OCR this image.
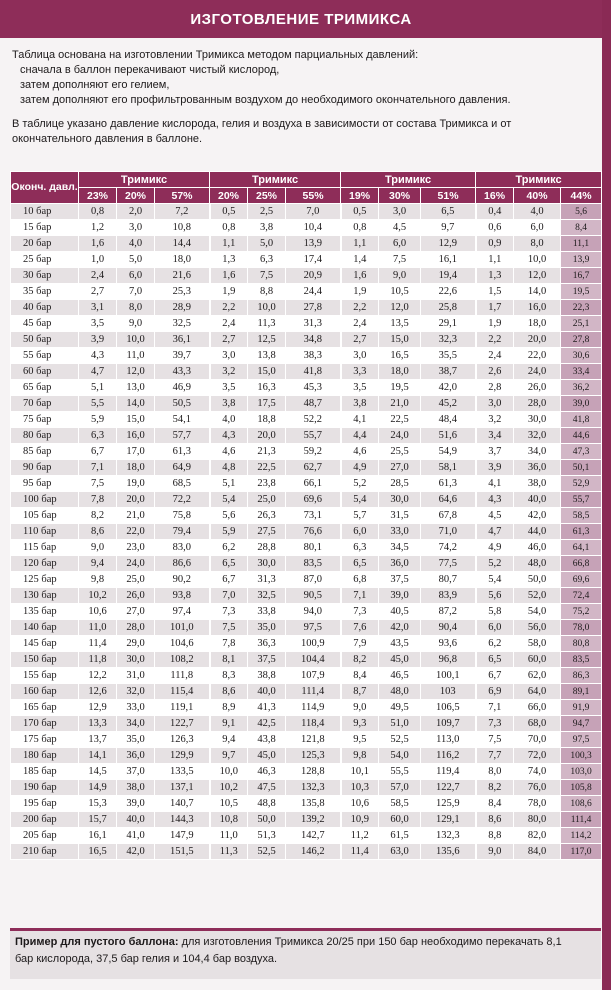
ИЗГОТОВЛЕНИЕ ТРИМИКСА
Таблица основана на изготовлении Тримикса методом парциальных давлений:
сначала в баллон перекачивают чистый кислород,
затем дополняют его гелием,
затем дополняют его профильтрованным воздухом до необходимого окончательного давления.
В таблице указано давление кислорода, гелия и воздуха в зависимости от состава Тримикса и от
окончательного давления в баллоне.
Оконч. давл.	Тримикс			Тримикс			Тримикс			Тримикс		
	23%	20%	57%	20%	25%	55%	19%	30%	51%	16%	40%	44%
10 бар	0,8	2,0	7,2	0,5	2,5	7,0	0,5	3,0	6,5	0,4	4,0	5,6
15 бар	1,2	3,0	10,8	0,8	3,8	10,4	0,8	4,5	9,7	0,6	6,0	8,4
20 бар	1,6	4,0	14,4	1,1	5,0	13,9	1,1	6,0	12,9	0,9	8,0	11,1
25 бар	1,0	5,0	18,0	1,3	6,3	17,4	1,4	7,5	16,1	1,1	10,0	13,9
30 бар	2,4	6,0	21,6	1,6	7,5	20,9	1,6	9,0	19,4	1,3	12,0	16,7
35 бар	2,7	7,0	25,3	1,9	8,8	24,4	1,9	10,5	22,6	1,5	14,0	19,5
40 бар	3,1	8,0	28,9	2,2	10,0	27,8	2,2	12,0	25,8	1,7	16,0	22,3
45 бар	3,5	9,0	32,5	2,4	11,3	31,3	2,4	13,5	29,1	1,9	18,0	25,1
50 бар	3,9	10,0	36,1	2,7	12,5	34,8	2,7	15,0	32,3	2,2	20,0	27,8
55 бар	4,3	11,0	39,7	3,0	13,8	38,3	3,0	16,5	35,5	2,4	22,0	30,6
60 бар	4,7	12,0	43,3	3,2	15,0	41,8	3,3	18,0	38,7	2,6	24,0	33,4
65 бар	5,1	13,0	46,9	3,5	16,3	45,3	3,5	19,5	42,0	2,8	26,0	36,2
70 бар	5,5	14,0	50,5	3,8	17,5	48,7	3,8	21,0	45,2	3,0	28,0	39,0
75 бар	5,9	15,0	54,1	4,0	18,8	52,2	4,1	22,5	48,4	3,2	30,0	41,8
80 бар	6,3	16,0	57,7	4,3	20,0	55,7	4,4	24,0	51,6	3,4	32,0	44,6
85 бар	6,7	17,0	61,3	4,6	21,3	59,2	4,6	25,5	54,9	3,7	34,0	47,3
90 бар	7,1	18,0	64,9	4,8	22,5	62,7	4,9	27,0	58,1	3,9	36,0	50,1
95 бар	7,5	19,0	68,5	5,1	23,8	66,1	5,2	28,5	61,3	4,1	38,0	52,9
100 бар	7,8	20,0	72,2	5,4	25,0	69,6	5,4	30,0	64,6	4,3	40,0	55,7
105 бар	8,2	21,0	75,8	5,6	26,3	73,1	5,7	31,5	67,8	4,5	42,0	58,5
110 бар	8,6	22,0	79,4	5,9	27,5	76,6	6,0	33,0	71,0	4,7	44,0	61,3
115 бар	9,0	23,0	83,0	6,2	28,8	80,1	6,3	34,5	74,2	4,9	46,0	64,1
120 бар	9,4	24,0	86,6	6,5	30,0	83,5	6,5	36,0	77,5	5,2	48,0	66,8
125 бар	9,8	25,0	90,2	6,7	31,3	87,0	6,8	37,5	80,7	5,4	50,0	69,6
130 бар	10,2	26,0	93,8	7,0	32,5	90,5	7,1	39,0	83,9	5,6	52,0	72,4
135 бар	10,6	27,0	97,4	7,3	33,8	94,0	7,3	40,5	87,2	5,8	54,0	75,2
140 бар	11,0	28,0	101,0	7,5	35,0	97,5	7,6	42,0	90,4	6,0	56,0	78,0
145 бар	11,4	29,0	104,6	7,8	36,3	100,9	7,9	43,5	93,6	6,2	58,0	80,8
150 бар	11,8	30,0	108,2	8,1	37,5	104,4	8,2	45,0	96,8	6,5	60,0	83,5
155 бар	12,2	31,0	111,8	8,3	38,8	107,9	8,4	46,5	100,1	6,7	62,0	86,3
160 бар	12,6	32,0	115,4	8,6	40,0	111,4	8,7	48,0	103	6,9	64,0	89,1
165 бар	12,9	33,0	119,1	8,9	41,3	114,9	9,0	49,5	106,5	7,1	66,0	91,9
170 бар	13,3	34,0	122,7	9,1	42,5	118,4	9,3	51,0	109,7	7,3	68,0	94,7
175 бар	13,7	35,0	126,3	9,4	43,8	121,8	9,5	52,5	113,0	7,5	70,0	97,5
180 бар	14,1	36,0	129,9	9,7	45,0	125,3	9,8	54,0	116,2	7,7	72,0	100,3
185 бар	14,5	37,0	133,5	10,0	46,3	128,8	10,1	55,5	119,4	8,0	74,0	103,0
190 бар	14,9	38,0	137,1	10,2	47,5	132,3	10,3	57,0	122,7	8,2	76,0	105,8
195 бар	15,3	39,0	140,7	10,5	48,8	135,8	10,6	58,5	125,9	8,4	78,0	108,6
200 бар	15,7	40,0	144,3	10,8	50,0	139,2	10,9	60,0	129,1	8,6	80,0	111,4
205 бар	16,1	41,0	147,9	11,0	51,3	142,7	11,2	61,5	132,3	8,8	82,0	114,2
210 бар	16,5	42,0	151,5	11,3	52,5	146,2	11,4	63,0	135,6	9,0	84,0	117,0
Пример для пустого баллона: для изготовления Тримикса 20/25 при 150 бар необходимо перекачать 8,1
бар кислорода, 37,5 бар гелия и 104,4 бар воздуха.
